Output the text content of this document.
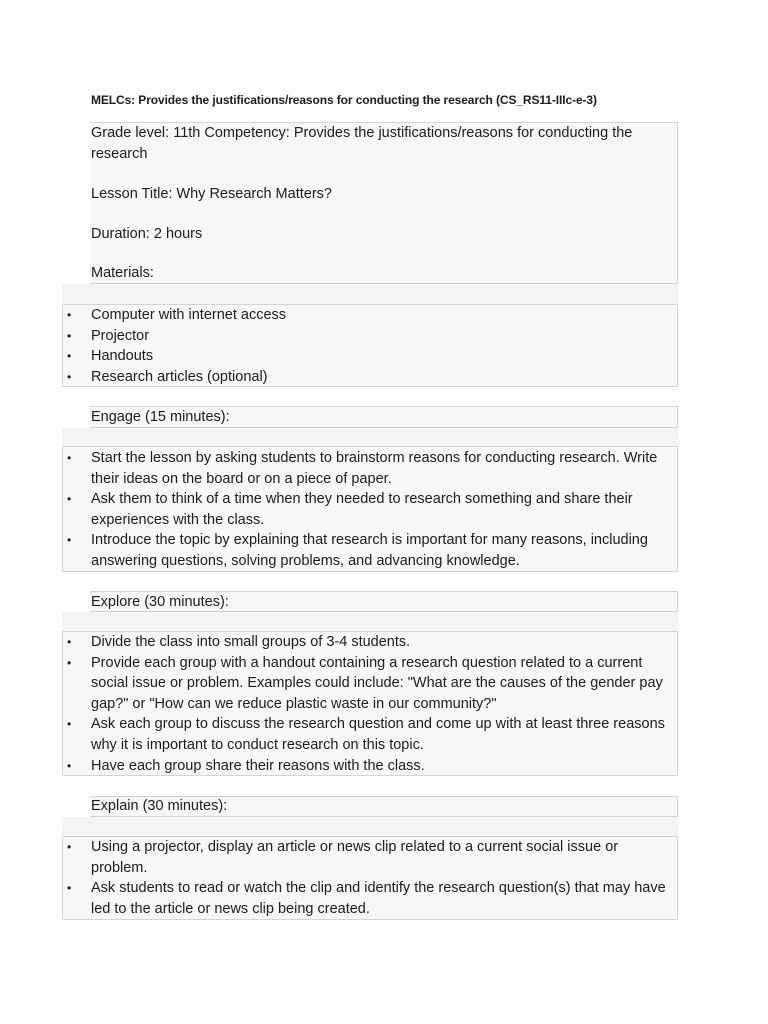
MELCs: Provides the justifications/reasons for conducting the research (CS_RS11-IIIc-e-3)
Grade level: 11th Competency: Provides the justifications/reasons for conducting the research
Lesson Title: Why Research Matters?
Duration: 2 hours
Materials:
• Computer with internet access
• Projector
• Handouts
• Research articles (optional)
Engage (15 minutes):
• Start the lesson by asking students to brainstorm reasons for conducting research. Write their ideas on the board or on a piece of paper.
• Ask them to think of a time when they needed to research something and share their experiences with the class.
• Introduce the topic by explaining that research is important for many reasons, including answering questions, solving problems, and advancing knowledge.
Explore (30 minutes):
• Divide the class into small groups of 3-4 students.
• Provide each group with a handout containing a research question related to a current social issue or problem. Examples could include: "What are the causes of the gender pay gap?" or "How can we reduce plastic waste in our community?"
• Ask each group to discuss the research question and come up with at least three reasons why it is important to conduct research on this topic.
• Have each group share their reasons with the class.
Explain (30 minutes):
• Using a projector, display an article or news clip related to a current social issue or problem.
• Ask students to read or watch the clip and identify the research question(s) that may have led to the article or news clip being created.
